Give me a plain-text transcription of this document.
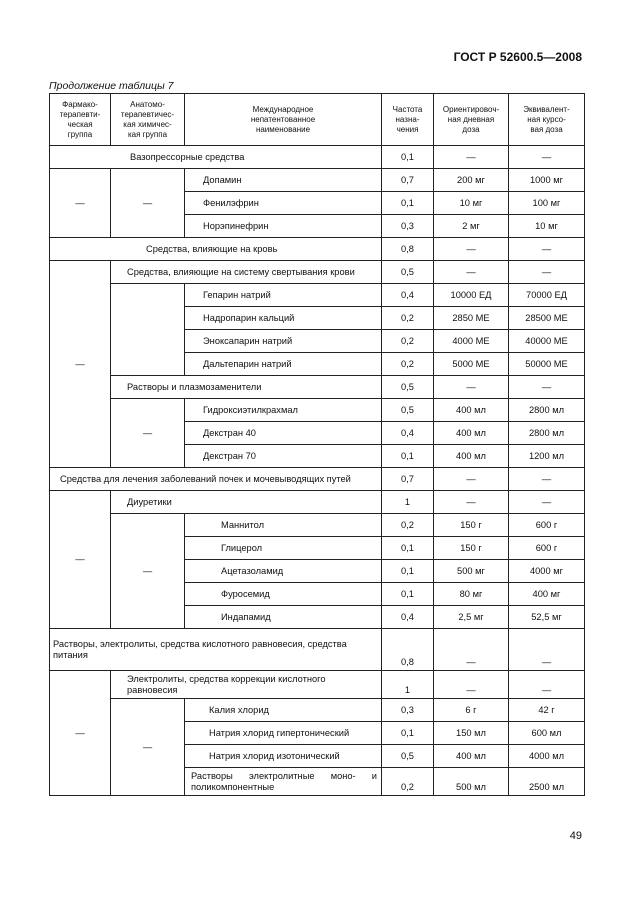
ГОСТ Р 52600.5—2008
Продолжение таблицы 7
Фармако-
терапевти-
ческая
группа	Анатомо-
терапевтичес-
кая химичес-
кая группа	Международное
непатентованное
наименование	Частота
назна-
чения	Ориентировоч-
ная дневная
доза	Эквивалент-
ная курсо-
вая доза
Вазопрессорные средства			0,1	—	—
—	—	Допамин	0,7	200 мг	1000 мг
		Фенилэфрин	0,1	10 мг	100 мг
		Норэпинефрин	0,3	2 мг	10 мг
Средства, влияющие на кровь			0,8	—	—
—	Средства, влияющие на систему свертывания крови		0,5	—	—
		Гепарин натрий	0,4	10000 ЕД	70000 ЕД
		Надропарин кальций	0,2	2850 МЕ	28500 МЕ
		Эноксапарин натрий	0,2	4000 МЕ	40000 МЕ
		Дальтепарин натрий	0,2	5000 МЕ	50000 МЕ
	Растворы и плазмозаменители		0,5	—	—
	—	Гидроксиэтилкрахмал	0,5	400 мл	2800 мл
		Декстран 40	0,4	400 мл	2800 мл
		Декстран 70	0,1	400 мл	1200 мл
Средства для лечения заболеваний почек и мочевыводящих путей			0,7	—	—
—	Диуретики		1	—	—
	—	Маннитол	0,2	150 г	600 г
		Глицерол	0,1	150 г	600 г
		Ацетазоламид	0,1	500 мг	4000 мг
		Фуросемид	0,1	80 мг	400 мг
		Индапамид	0,4	2,5 мг	52,5 мг
Растворы, электролиты, средства кислотного равновесия, средства питания			0,8	—	—
—	Электролиты, средства коррекции кислотного равновесия		1	—	—
	—	Калия хлорид	0,3	6 г	42 г
		Натрия хлорид гипертонический	0,1	150 мл	600 мл
		Натрия хлорид изотонический	0,5	400 мл	4000 мл
		Растворы электролитные моно- и поликомпонентные	0,2	500 мл	2500 мл
49
